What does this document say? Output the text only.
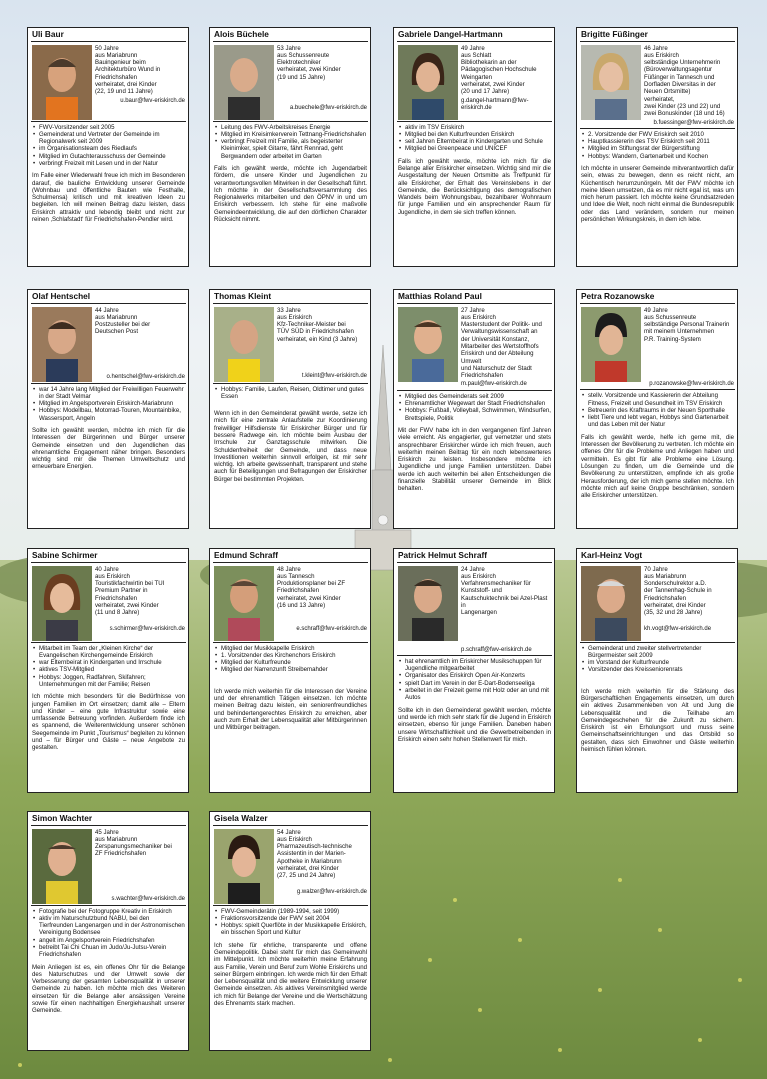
Uli Baur
50 Jahre
aus Mariabrunn
Bauingenieur beim
Architekturbüro Wund in
Friedrichshafen
verheiratet, drei Kinder
(22, 19 und 11 Jahre)
u.baur@fwv-eriskirch.de
• FWV-Vorsitzender seit 2005
• Gemeinderat und Vertreter der Gemeinde im Regionalwerk seit 2009
• im Organisationsteam des Riedlaufs
• Mitglied im Gutachterausschuss der Gemeinde
• verbringt Freizeit mit Lesen und in der Natur
Im Falle einer Wiederwahl freue ich mich im Besonderen darauf, die bauliche Entwicklung unserer Gemeinde (Wohnbau und öffentliche Bauten wie Festhalle, Schulmensa) kritisch und mit kreativen Ideen zu begleiten. Ich will meinen Beitrag dazu leisten, dass Eriskirch attraktiv und lebendig bleibt und nicht zur reinen ‚Schlafstadt‘ für Friedrichshafen-Pendler wird.
Alois Büchele
53 Jahre
aus Schussenreute
Elektrotechniker
verheiratet, zwei Kinder
(19 und 15 Jahre)
a.buechele@fwv-eriskirch.de
• Leitung des FWV-Arbeitskreises Energie
• Mitglied im Kreisimkerverein Tettnang-Friedrichshafen
• verbringt Freizeit mit Familie, als begeisterter Kleinimker, spielt Gitarre, fährt Rennrad, geht Bergwandern oder arbeitet im Garten
Falls ich gewählt werde, möchte ich Jugendarbeit fördern, die unsere Kinder und Jugendlichen zu verantwortungsvollen Mitwirken in der Gesellschaft führt. Ich möchte in der Gesellschaftsversammlung des Regionalwerks mitarbeiten und den ÖPNV in und um Eriskirch verbessern. Ich stehe für eine maßvolle Gemeindeentwicklung, die auf den dörflichen Charakter Rücksicht nimmt.
Gabriele Dangel-Hartmann
49 Jahre
aus Schlatt
Bibliothekarin an der
Pädagogischen Hochschule
Weingarten
verheiratet, zwei Kinder
(20 und 17 Jahre)
g.dangel-hartmann@fwv-eriskirch.de
• aktiv im TSV Eriskirch
• Mitglied bei den Kulturfreunden Eriskirch
• seit Jahren Elternbeirat in Kindergarten und Schule
• Mitglied bei Greenpeace und UNICEF
Falls ich gewählt werde, möchte ich mich für die Belange aller Eriskircher einsetzen. Wichtig sind mir die Ausgestaltung der Neuen Ortsmitte als Treffpunkt für alle Eriskircher, der Erhalt des Vereinslebens in der Gemeinde, die Berücksichtigung des demografischen Wandels beim Wohnungsbau, bezahlbarer Wohnraum für junge Familien und ein ansprechender Raum für Jugendliche, in dem sie sich treffen können.
Brigitte Füßinger
46 Jahre
aus Eriskirch
selbständige Unternehmerin
(Büroverwaltungsagentur
Füßinger in Tannesch und
Dorfladen Diversitas in der
Neuen Ortsmitte)
verheiratet,
zwei Kinder (23 und 22) und
zwei Bonuskinder (18 und 16)
b.fuessinger@fwv-eriskirch.de
• 2. Vorsitzende der FWV Eriskirch seit 2010
• Hauptkassiererin des TSV Eriskirch seit 2011
• Mitglied im Stiftungsrat der Bürgerstiftung
• Hobbys: Wandern, Gartenarbeit und Kochen
Ich möchte in unserer Gemeinde mitverantwortlich dafür sein, etwas zu bewegen, denn es reicht nicht, am Küchentisch herumzunörgeln. Mit der FWV möchte ich meine Ideen umsetzen, da es mir nicht egal ist, was um mich herum passiert. Ich möchte keine Grundsatzreden und Idee die Welt, noch nicht einmal die Bundesrepublik oder das Land verändern, sondern nur meinen persönlichen Wirkungskreis, in dem ich lebe.
Olaf Hentschel
44 Jahre
aus Mariabrunn
Postzusteller bei der
Deutschen Post
o.hentschel@fwv-eriskirch.de
• war 14 Jahre lang Mitglied der Freiwilligen Feuerwehr in der Stadt Velmar
• Mitglied im Angelsportverein Eriskirch-Mariabrunn
• Hobbys: Modellbau, Motorrad-Touren, Mountainbike, Wassersport, Angeln
Sollte ich gewählt werden, möchte ich mich für die Interessen der Bürgerinnen und Bürger unserer Gemeinde einsetzen und den Jugendlichen das ehrenamtliche Engagement näher bringen. Besonders wichtig sind mir die Themen Umweltschutz und erneuerbare Energien.
Thomas Kleint
33 Jahre
aus Eriskirch
Kfz-Techniker-Meister bei
TÜV SÜD in Friedrichshafen
verheiratet, ein Kind (3 Jahre)
t.kleint@fwv-eriskirch.de
• Hobbys: Familie, Laufen, Reisen, Oldtimer und gutes Essen
Wenn ich in den Gemeinderat gewählt werde, setze ich mich für eine zentrale Anlaufstelle zur Koordinierung freiwilliger Hilfsdienste für Eriskircher Bürger und für bessere Radwege ein. Ich möchte beim Ausbau der Irrschule zur Ganztagsschule mitwirken. Die Schuldenfreiheit der Gemeinde, und dass neue Investitionen weiterhin sinnvoll erfolgen, ist mir sehr wichtig. Ich arbeite gewissenhaft, transparent und stehe auch für Beteiligungen und Befragungen der Eriskircher Bürger bei bestimmten Projekten.
Matthias Roland Paul
27 Jahre
aus Eriskirch
Masterstudent der Politik- und
Verwaltungswissenschaft an
der Universität Konstanz, Mitarbeiter des Wertstoffhofs Eriskirch und der Abteilung Umwelt
und Naturschutz der Stadt
Friedrichshafen
m.paul@fwv-eriskirch.de
• Mitglied des Gemeinderats seit 2009
• Ehrenamtlicher Wegewart der Stadt Friedrichshafen
• Hobbys: Fußball, Volleyball, Schwimmen, Windsurfen, Brettspiele, Politik
Mit der FWV habe ich in den vergangenen fünf Jahren viele erreicht. Als engagierter, gut vernetzter und stets ansprechbarer Eriskircher würde ich mich freuen, auch weiterhin meinen Beitrag für ein noch lebenswerteres Eriskirch zu leisten. Insbesondere möchte ich Jugendliche und junge Familien unterstützen. Dabei werde ich auch weiterhin bei allen Entscheidungen die finanzielle Stabilität unserer Gemeinde im Blick behalten.
Petra Rozanowske
49 Jahre
aus Schussenreute
selbständige Personal Trainerin mit meinem Unternehmen
P.R. Training-System
p.rozanowske@fwv-eriskirch.de
• stellv. Vorsitzende und Kassiererin der Abteilung Fitness, Freizeit und Gesundheit im TSV Eriskirch
• Betreuerin des Kraftraums in der Neuen Sporthalle
• liebt Tiere und lebt vegan, Hobbys sind Gartenarbeit und das Leben mit der Natur
Falls ich gewählt werde, helfe ich gerne mit, die Interessen der Bevölkerung zu vertreten. Ich möchte ein offenes Ohr für die Probleme und Anliegen haben und vermitteln. Es gibt für alle Probleme eine Lösung. Lösungen zu finden, um die Gemeinde und die Bevölkerung zu unterstützen, empfinde ich als große Herausforderung, der ich mich gerne stellen möchte. Ich möchte mich auf keine Gruppe beschränken, sondern alle Eriskircher unterstützen.
Sabine Schirmer
40 Jahre
aus Eriskirch
Touristikfachwirtin bei TUI
Premium Partner in
Friedrichshafen
verheiratet, zwei Kinder
(11 und 8 Jahre)
s.schirmer@fwv-eriskirch.de
• Mitarbeit im Team der „Kleinen Kirche“ der Evangelischen Kirchengemeinde Eriskirch
• war Elternbeirat in Kindergarten und Irrschule
• aktives TSV-Mitglied
• Hobbys: Joggen, Radfahren, Skifahren; Unternehmungen mit der Familie; Reisen
Ich möchte mich besonders für die Bedürfnisse von jungen Familien im Ort einsetzen; damit alle – Eltern und Kinder – eine gute Infrastruktur sowie eine umfassende Betreuung vorfinden. Außerdem finde ich es spannend, die Weiterentwicklung unserer schönen Seegemeinde im Punkt „Tourismus“ begleiten zu können und – für Bürger und Gäste – neue Angebote zu gestalten.
Edmund Schraff
48 Jahre
aus Tannesch
Produktionsplaner bei ZF
Friedrichshafen
verheiratet, zwei Kinder
(16 und 13 Jahre)
e.schraff@fwv-eriskirch.de
• Mitglied der Musikkapelle Eriskirch
• 1. Vorsitzender des Kirchenchors Eriskirch
• Mitglied der Kulturfreunde
• Mitglied der Narrenzunft Streibemahder
Ich werde mich weiterhin für die Interessen der Vereine und der ehrenamtlich Tätigen einsetzen. Ich möchte meinen Beitrag dazu leisten, ein seniorenfreundliches und behindertengerechtes Eriskirch zu erreichen, aber auch zum Erhalt der Lebensqualität aller Mitbürgerinnen und Mitbürger beitragen.
Patrick Helmut Schraff
24 Jahre
aus Eriskirch
Verfahrensmechaniker für
Kunststoff- und Kautschuktechnik bei Azel-Plast in
Langenargen
p.schraff@fwv-eriskirch.de
• hat ehrenamtlich im Eriskircher Musikschuppen für Jugendliche mitgearbeitet
• Organisator des Eriskirch Open Air-Konzerts
• spielt Dart im Verein in der E-Dart-Bodenseeliga
• arbeitet in der Freizeit gerne mit Holz oder an und mit Autos
Sollte ich in den Gemeinderat gewählt werden, möchte und werde ich mich sehr stark für die Jugend in Eriskirch einsetzen, ebenso für junge Familien. Daneben haben unsere Wirtschaftlichkeit und die Gewerbetreibenden in Eriskirch einen sehr hohen Stellenwert für mich.
Karl-Heinz Vogt
70 Jahre
aus Mariabrunn
Sonderschulrektor a.D.
der Tannenhag-Schule in
Friedrichshafen
verheiratet, drei Kinder
(35, 32 und 28 Jahre)
kh.vogt@fwv-eriskirch.de
• Gemeinderat und zweiter stellvertretender Bürgermeister seit 2009
• im Vorstand der Kulturfreunde
• Vorsitzender des Kreisseniorenrats
Ich werde mich weiterhin für die Stärkung des Bürgerschaftlichen Engagements einsetzen, um durch ein aktives Zusammenleben von Alt und Jung die Lebensqualität und die Teilhabe am Gemeindegeschehen für die Zukunft zu sichern. Eriskirch ist ein Erholungsort und muss seine Gemeinschaftseinrichtungen und das Ortsbild so gestalten, dass sich Einwohner und Gäste weiterhin heimisch fühlen können.
Simon Wachter
45 Jahre
aus Mariabrunn
Zerspanungsmechaniker bei
ZF Friedrichshafen
s.wachter@fwv-eriskirch.de
• Fotografie bei der Fotogruppe Kreativ in Eriskirch
• aktiv im Naturschutzbund NABU, bei den Tierfreunden Langenargen und in der Astronomischen Vereinigung Bodensee
• angelt im Angelsportverein Friedrichshafen
• betreibt Tai Chi Chuan im Judo/Ju-Jutsu-Verein Friedrichshafen
Mein Anliegen ist es, ein offenes Ohr für die Belange des Naturschutzes und der Umwelt sowie der Verbesserung der gesamten Lebensqualität in unserer Gemeinde zu haben. Ich möchte mich des Weiteren einsetzen für die Belange aller ansässigen Vereine sowie für einen nachhaltigen Energiehaushalt unserer Gemeinde.
Gisela Walzer
54 Jahre
aus Eriskirch
Pharmazeutisch-technische
Assistentin in der Marien-
Apotheke in Mariabrunn
verheiratet, drei Kinder
(27, 25 und 24 Jahre)
g.walzer@fwv-eriskirch.de
• FWV-Gemeinderätin (1989-1994, seit 1999)
• Fraktionsvorsitzende der FWV seit 2004
• Hobbys: spielt Querflöte in der Musikkapelle Eriskirch, ein bisschen Sport und Kultur
Ich stehe für ehrliche, transparente und offene Gemeindepolitik. Dabei steht für mich das Gemeinwohl im Mittelpunkt. Ich möchte weiterhin meine Erfahrung aus Familie, Verein und Beruf zum Wohle Eriskirchs und seiner Bürgern einbringen. Ich werde mich für den Erhalt der Lebensqualität und die weitere Entwicklung unserer Gemeinde einsetzen. Als aktives Vereinsmitglied werde ich mich für Belange der Vereine und die Wertschätzung des Ehrenamts stark machen.
